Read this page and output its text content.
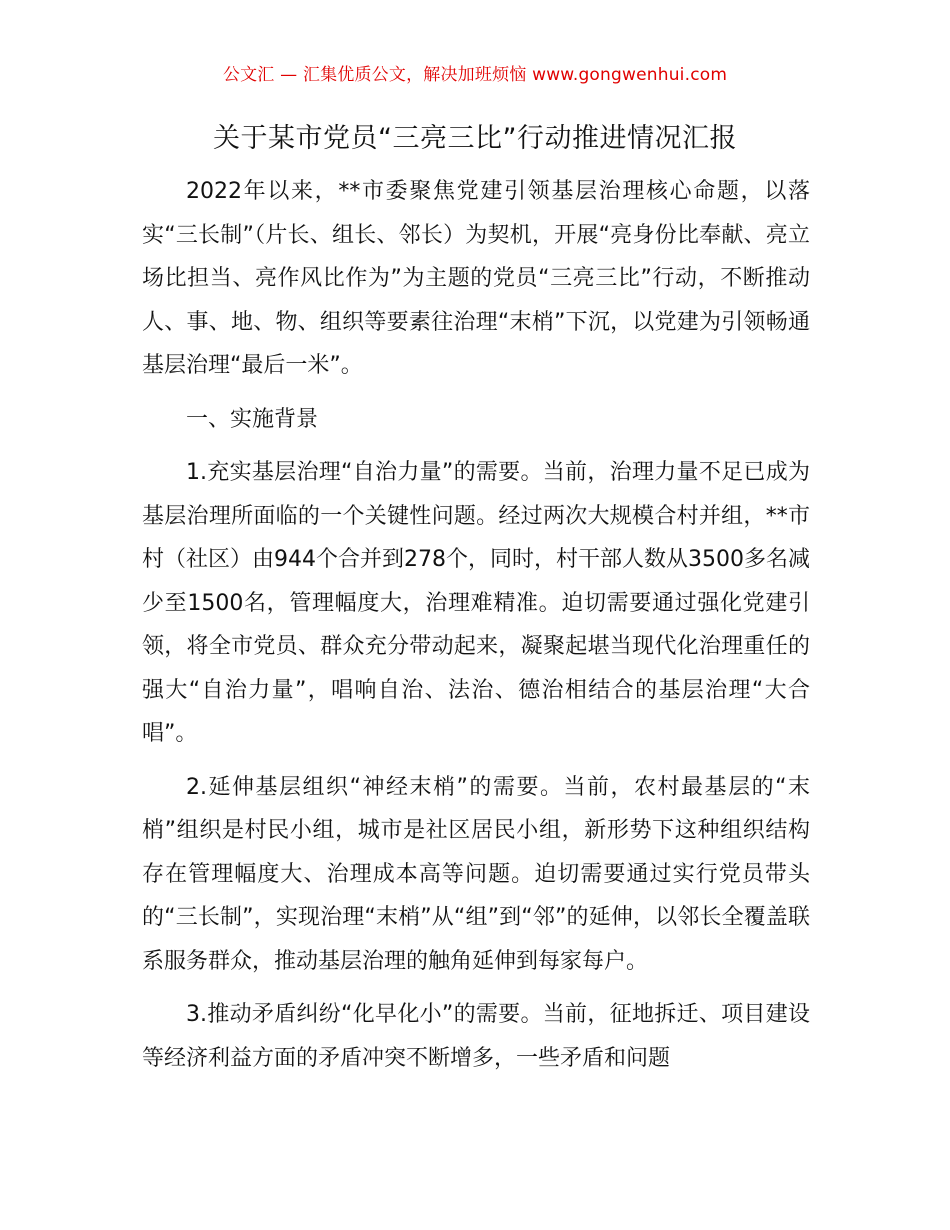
公文汇 — 汇集优质公文，解决加班烦恼 www.gongwenhui.com
关于某市党员“三亮三比”行动推进情况汇报

2022年以来，**市委聚焦党建引领基层治理核心命题，以落实“三长制”（片长、组长、邻长）为契机，开展“亮身份比奉献、亮立场比担当、亮作风比作为”为主题的党员“三亮三比”行动，不断推动人、事、地、物、组织等要素往治理“末梢”下沉，以党建为引领畅通基层治理“最后一米”。

一、实施背景

1.充实基层治理“自治力量”的需要。当前，治理力量不足已成为基层治理所面临的一个关键性问题。经过两次大规模合村并组，**市村（社区）由944个合并到278个，同时，村干部人数从3500多名减少至1500名，管理幅度大，治理难精准。迫切需要通过强化党建引领，将全市党员、群众充分带动起来，凝聚起堪当现代化治理重任的强大“自治力量”，唱响自治、法治、德治相结合的基层治理“大合唱”。

2.延伸基层组织“神经末梢”的需要。当前，农村最基层的“末梢”组织是村民小组，城市是社区居民小组，新形势下这种组织结构存在管理幅度大、治理成本高等问题。迫切需要通过实行党员带头的“三长制”，实现治理“末梢”从“组”到“邻”的延伸，以邻长全覆盖联系服务群众，推动基层治理的触角延伸到每家每户。

3.推动矛盾纠纷“化早化小”的需要。当前，征地拆迁、项目建设等经济利益方面的矛盾冲突不断增多，一些矛盾和问题
